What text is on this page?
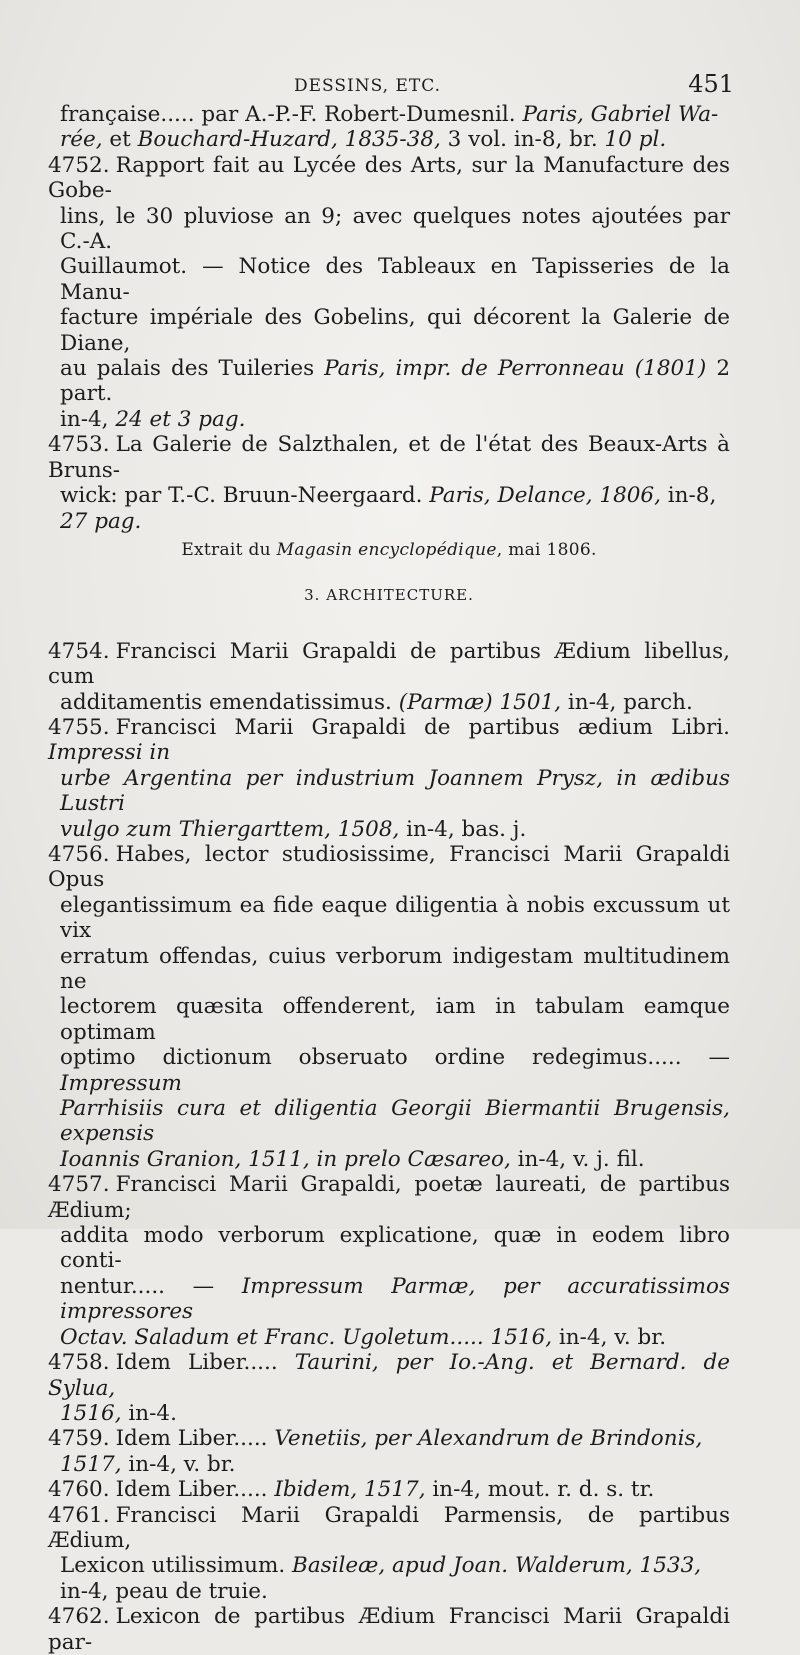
DESSINS, ETC.	451

française..... par A.-P.-F. Robert-Dumesnil. Paris, Gabriel Wa-
rée, et Bouchard-Huzard, 1835-38, 3 vol. in-8, br. 10 pl.

4752. Rapport fait au Lycée des Arts, sur la Manufacture des Gobe-

lins, le 30 pluviose an 9; avec quelques notes ajoutées par C.-A.
Guillaumot. — Notice des Tableaux en Tapisseries de la Manu-
facture impériale des Gobelins, qui décorent la Galerie de Diane,
au palais des Tuileries Paris, impr. de Perronneau (1801) 2 part.
in-4, 24 et 3 pag.

4753. La Galerie de Salzthalen, et de l'état des Beaux-Arts à Bruns-

wick: par T.-C. Bruun-Neergaard. Paris, Delance, 1806, in-8,
27 pag.

Extrait du Magasin encyclopédique, mai 1806.

3. ARCHITECTURE.

4754. Francisci Marii Grapaldi de partibus Ædium libellus, cum

additamentis emendatissimus. (Parmæ) 1501, in-4, parch.

4755. Francisci Marii Grapaldi de partibus ædium Libri. Impressi in

urbe Argentina per industrium Joannem Prysz, in ædibus Lustri
vulgo zum Thiergarttem, 1508, in-4, bas. j.

4756. Habes, lector studiosissime, Francisci Marii Grapaldi Opus

elegantissimum ea fide eaque diligentia à nobis excussum ut vix
erratum offendas, cuius verborum indigestam multitudinem ne
lectorem quæsita offenderent, iam in tabulam eamque optimam
optimo dictionum obseruato ordine redegimus..... — Impressum
Parrhisiis cura et diligentia Georgii Biermantii Brugensis, expensis
Ioannis Granion, 1511, in prelo Cæsareo, in-4, v. j. fil.

4757. Francisci Marii Grapaldi, poetæ laureati, de partibus Ædium;

addita modo verborum explicatione, quæ in eodem libro conti-
nentur..... — Impressum Parmæ, per accuratissimos impressores
Octav. Saladum et Franc. Ugoletum..... 1516, in-4, v. br.

4758. Idem Liber..... Taurini, per Io.-Ang. et Bernard. de Sylua,

1516, in-4.

4759. Idem Liber..... Venetiis, per Alexandrum de Brindonis,

1517, in-4, v. br.

4760. Idem Liber..... Ibidem, 1517, in-4, mout. r. d. s. tr.

4761. Francisci Marii Grapaldi Parmensis, de partibus Ædium,

Lexicon utilissimum. Basileæ, apud Joan. Walderum, 1533,
in-4, peau de truie.

4762. Lexicon de partibus Ædium Francisci Marii Grapaldi par-
